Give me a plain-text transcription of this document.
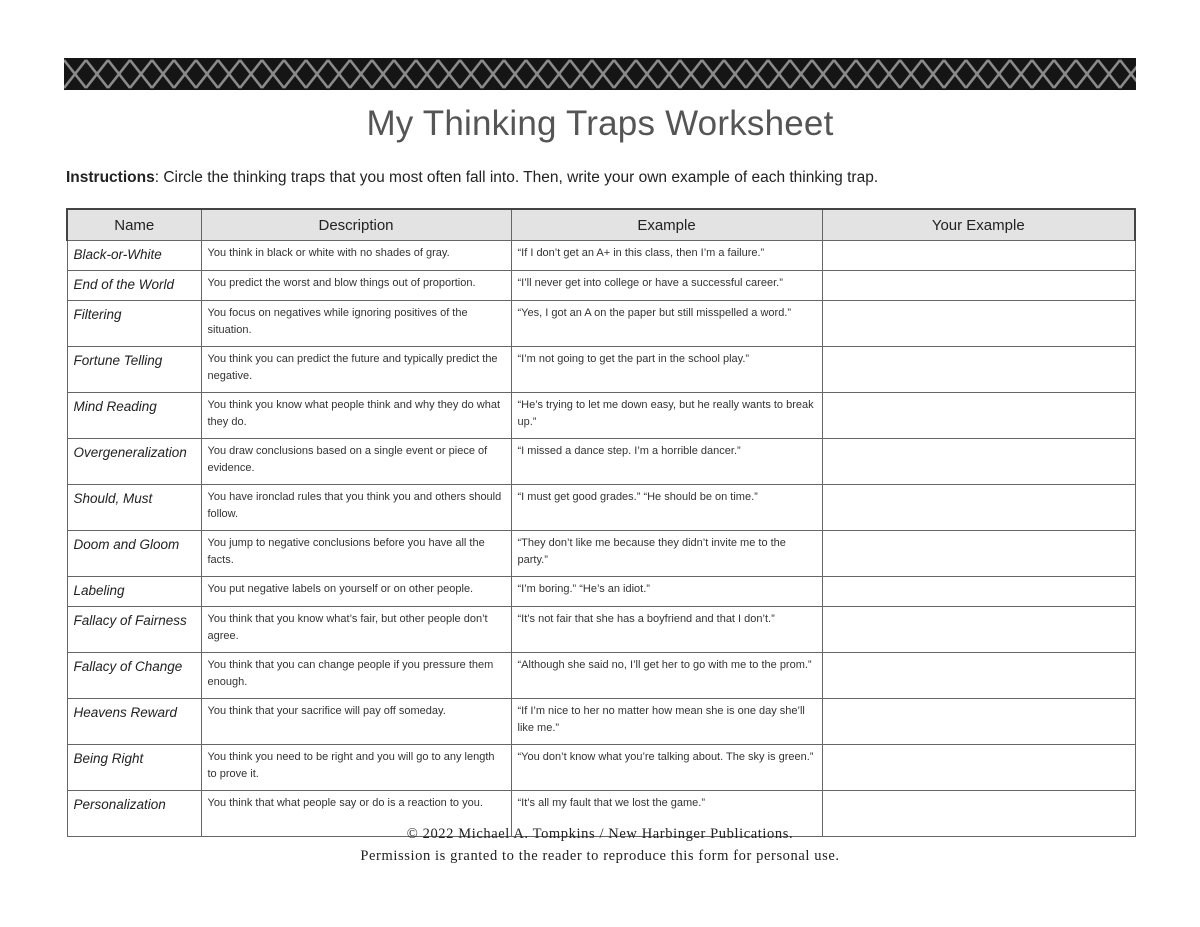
My Thinking Traps Worksheet
Instructions: Circle the thinking traps that you most often fall into. Then, write your own example of each thinking trap.
Name	Description	Example	Your Example
Black-or-White	You think in black or white with no shades of gray.	“If I don’t get an A+ in this class, then I’m a failure.”	
End of the World	You predict the worst and blow things out of proportion.	“I’ll never get into college or have a successful career.”	
Filtering	You focus on negatives while ignoring positives of the situation.	“Yes, I got an A on the paper but still misspelled a word.”	
Fortune Telling	You think you can predict the future and typically predict the negative.	“I’m not going to get the part in the school play.”	
Mind Reading	You think you know what people think and why they do what they do.	“He’s trying to let me down easy, but he really wants to break up.”	
Overgeneralization	You draw conclusions based on a single event or piece of evidence.	“I missed a dance step. I’m a horrible dancer.”	
Should, Must	You have ironclad rules that you think you and others should follow.	“I must get good grades.” “He should be on time.”	
Doom and Gloom	You jump to negative conclusions before you have all the facts.	“They don’t like me because they didn’t invite me to the party.”	
Labeling	You put negative labels on yourself or on other people.	“I’m boring.” “He’s an idiot.”	
Fallacy of Fairness	You think that you know what’s fair, but other people don’t agree.	“It’s not fair that she has a boyfriend and that I don’t.”	
Fallacy of Change	You think that you can change people if you pressure them enough.	“Although she said no, I’ll get her to go with me to the prom.”	
Heavens Reward	You think that your sacrifice will pay off someday.	“If I’m nice to her no matter how mean she is one day she’ll like me.”	
Being Right	You think you need to be right and you will go to any length to prove it.	“You don’t know what you’re talking about. The sky is green.”	
Personalization	You think that what people say or do is a reaction to you.	“It’s all my fault that we lost the game.”	
© 2022 Michael A. Tompkins / New Harbinger Publications.
Permission is granted to the reader to reproduce this form for personal use.
